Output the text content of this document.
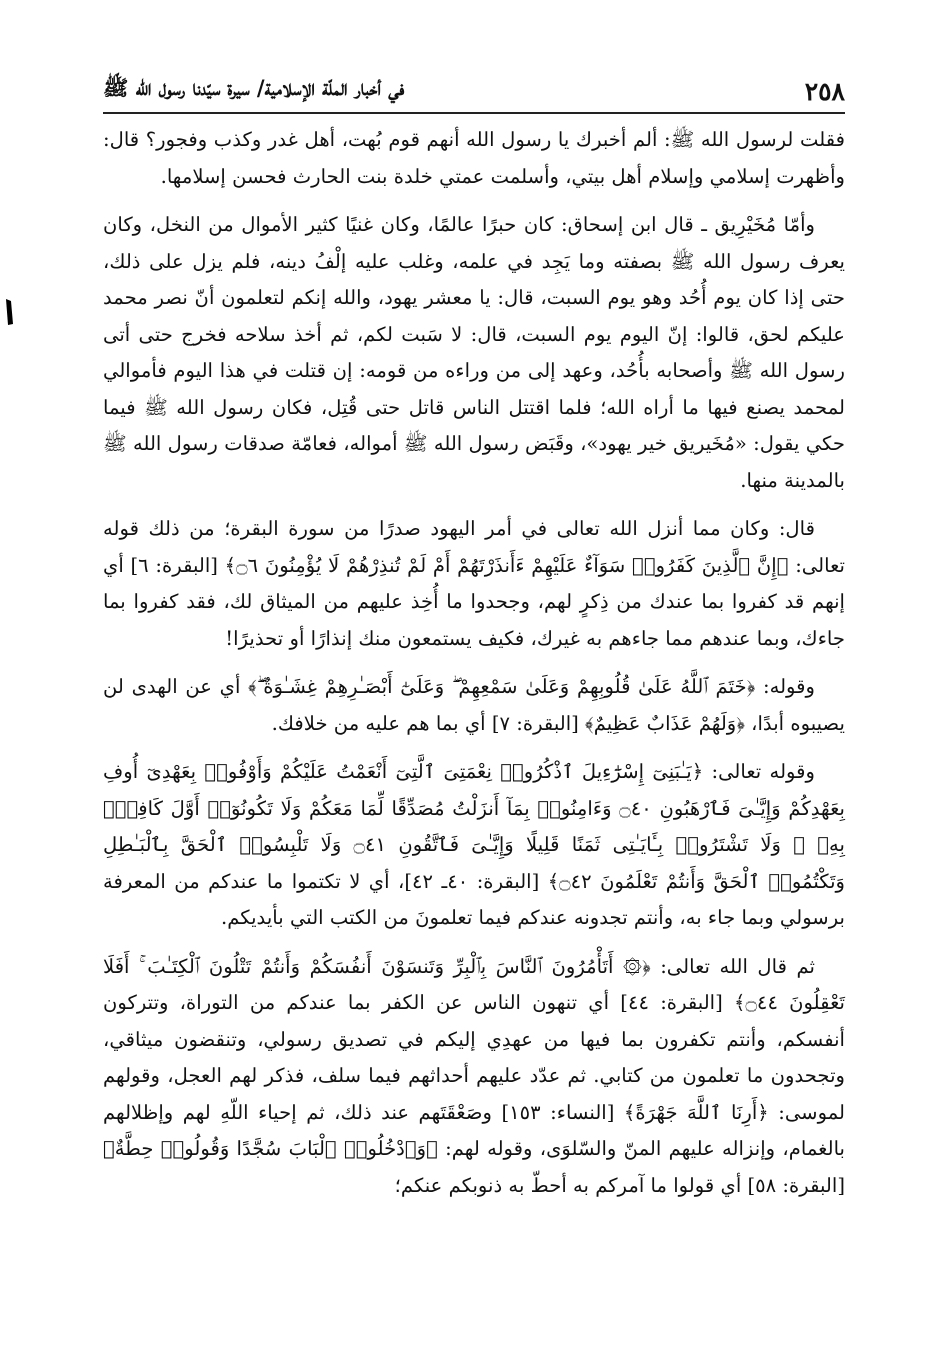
٢٥٨
في أخبار الملّة الإسلامية/ سيرة سيّدنا رسول الله ﷺ

فقلت لرسول الله ﷺ: ألم أخبرك يا رسول الله أنهم قوم بُهت، أهل غدر وكذب وفجور؟ قال: وأظهرت إسلامي وإسلام أهل بيتي، وأسلمت عمتي خلدة بنت الحارث فحسن إسلامها.

وأمّا مُخَيْرِيق ـ قال ابن إسحاق: كان حبرًا عالمًا، وكان غنيًا كثير الأموال من النخل، وكان يعرف رسول الله ﷺ بصفته وما يَجِد في علمه، وغلب عليه إلْفُ دينه، فلم يزل على ذلك، حتى إذا كان يوم أُحُد وهو يوم السبت، قال: يا معشر يهود، والله إنكم لتعلمون أنّ نصر محمد عليكم لحق، قالوا: إنّ اليوم يوم السبت، قال: لا سَبت لكم، ثم أخذ سلاحه فخرج حتى أتى رسول الله ﷺ وأصحابه بأُحُد، وعهد إلى من وراءه من قومه: إن قتلت في هذا اليوم فأموالي لمحمد يصنع فيها ما أراه الله؛ فلما اقتتل الناس قاتل حتى قُتِل، فكان رسول الله ﷺ فيما حكي يقول: «مُخَيريق خير يهود»، وقَبَض رسول الله ﷺ أمواله، فعامّة صدقات رسول الله ﷺ بالمدينة منها.

قال: وكان مما أنزل الله تعالى في أمر اليهود صدرًا من سورة البقرة؛ من ذلك قوله تعالى: ﴿إِنَّ ٱلَّذِينَ كَفَرُوا۟ سَوَآءٌ عَلَيْهِمْ ءَأَنذَرْتَهُمْ أَمْ لَمْ تُنذِرْهُمْ لَا يُؤْمِنُونَ ۝٦﴾ [البقرة: ٦] أي إنهم قد كفروا بما عندك من ذِكرٍ لهم، وجحدوا ما أُخِذ عليهم من الميثاق لك، فقد كفروا بما جاءك، وبما عندهم مما جاءهم به غيرك، فكيف يستمعون منك إنذارًا أو تحذيرًا!

وقوله: ﴿خَتَمَ ٱللَّهُ عَلَىٰ قُلُوبِهِمْ وَعَلَىٰ سَمْعِهِمْ ۖ وَعَلَىٰٓ أَبْصَـٰرِهِمْ غِشَـٰوَةٌ ۖ﴾ أي عن الهدى لن يصيبوه أبدًا، ﴿وَلَهُمْ عَذَابٌ عَظِيمٌ﴾ [البقرة: ٧] أي بما هم عليه من خلافك.

وقوله تعالى: ﴿يَـٰبَنِىٓ إِسْرَٰٓءِيلَ ٱذْكُرُوا۟ نِعْمَتِىَ ٱلَّتِىٓ أَنْعَمْتُ عَلَيْكُمْ وَأَوْفُوا۟ بِعَهْدِىٓ أُوفِ بِعَهْدِكُمْ وَإِيَّـٰىَ فَٱرْهَبُونِ ۝٤٠ وَءَامِنُوا۟ بِمَآ أَنزَلْتُ مُصَدِّقًا لِّمَا مَعَكُمْ وَلَا تَكُونُوٓا۟ أَوَّلَ كَافِرٍۭ بِهِۦ ۖ وَلَا تَشْتَرُوا۟ بِـَٔايَـٰتِى ثَمَنًا قَلِيلًا وَإِيَّـٰىَ فَٱتَّقُونِ ۝٤١ وَلَا تَلْبِسُوا۟ ٱلْحَقَّ بِٱلْبَـٰطِلِ وَتَكْتُمُوا۟ ٱلْحَقَّ وَأَنتُمْ تَعْلَمُونَ ۝٤٢﴾ [البقرة: ٤٠ـ ٤٢]، أي لا تكتموا ما عندكم من المعرفة برسولي وبما جاء به، وأنتم تجدونه عندكم فيما تعلمونَ من الكتب التي بأيديكم.

ثم قال الله تعالى: ﴿۞ أَتَأْمُرُونَ ٱلنَّاسَ بِٱلْبِرِّ وَتَنسَوْنَ أَنفُسَكُمْ وَأَنتُمْ تَتْلُونَ ٱلْكِتَـٰبَ ۚ أَفَلَا تَعْقِلُونَ ۝٤٤﴾ [البقرة: ٤٤] أي تنهون الناس عن الكفر بما عندكم من التوراة، وتتركون أنفسكم، وأنتم تكفرون بما فيها من عهدِي إليكم في تصديق رسولي، وتنقضون ميثاقي، وتجحدون ما تعلمون من كتابي. ثم عدّد عليهم أحداثهم فيما سلف، فذكر لهم العجل، وقولهم لموسى: ﴿أَرِنَا ٱللَّهَ جَهْرَةً﴾ [النساء: ١٥٣] وصَعْقَتَهم عند ذلك، ثم إحياء اللّهِ لهم وإظلالهم بالغمام، وإنزاله عليهم المنّ والسّلوَى، وقوله لهم: ﴿وَٱدْخُلُوا۟ ٱلْبَابَ سُجَّدًا وَقُولُوا۟ حِطَّةٌ﴾ [البقرة: ٥٨] أي قولوا ما آمركم به أحطّ به ذنوبكم عنكم؛
